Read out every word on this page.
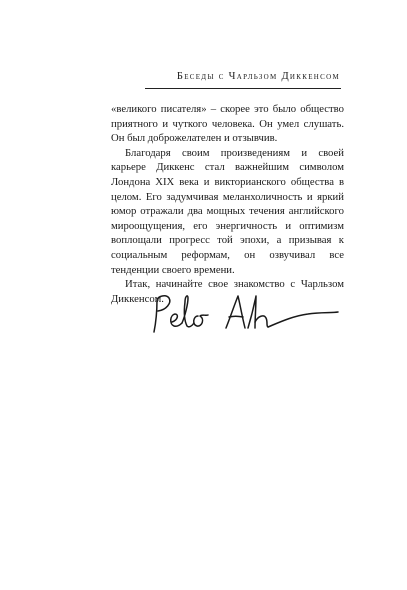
Беседы с Чарльзом Диккенсом

«великого писателя» – скорее это было общество приятного и чуткого человека. Он умел слушать. Он был доброжелателен и отзывчив.

Благодаря своим произведениям и своей карьере Диккенс стал важнейшим символом Лондона XIX века и викторианского общества в целом. Его задумчивая меланхоличность и яркий юмор отражали два мощных течения английского мироощущения, его энергичность и оптимизм воплощали прогресс той эпохи, а призывая к социальным реформам, он озвучивал все тенденции своего времени.

Итак, начинайте свое знакомство с Чарльзом Диккенсом.
